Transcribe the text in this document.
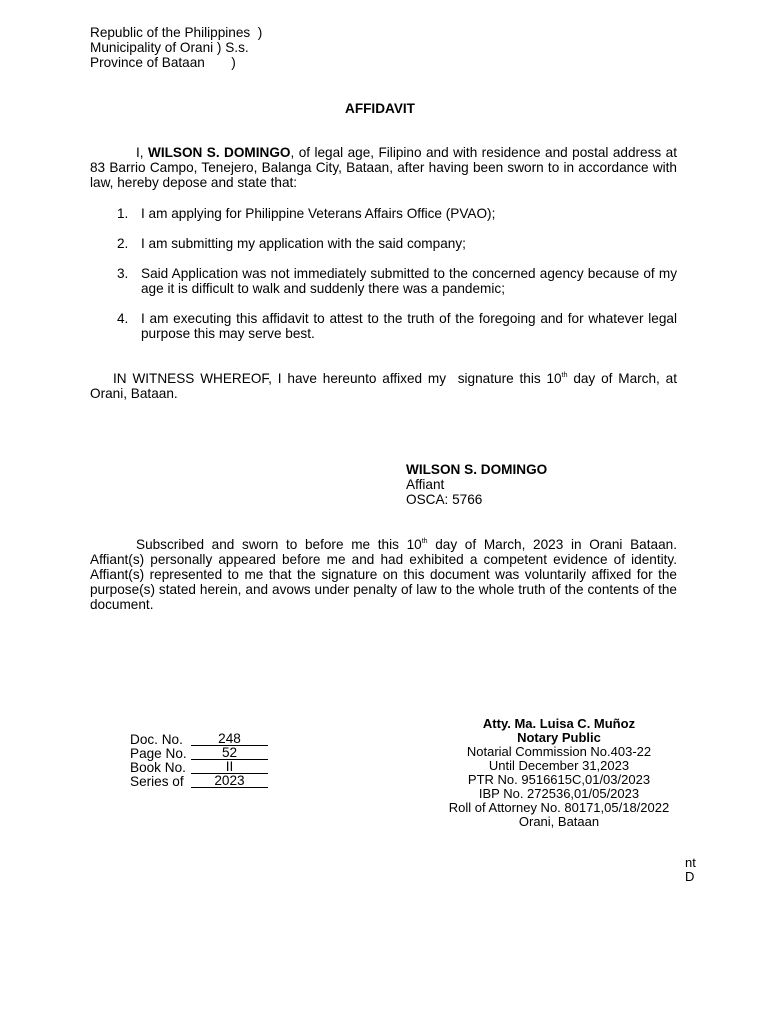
Republic of the Philippines  )
Municipality of Orani ) S.s.
Province of Bataan       )
AFFIDAVIT
I, WILSON S. DOMINGO, of legal age, Filipino and with residence and postal address at 83 Barrio Campo, Tenejero, Balanga City, Bataan, after having been sworn to in accordance with law, hereby depose and state that:
1. I am applying for Philippine Veterans Affairs Office (PVAO);
2. I am submitting my application with the said company;
3. Said Application was not immediately submitted to the concerned agency because of my age it is difficult to walk and suddenly there was a pandemic;
4. I am executing this affidavit to attest to the truth of the foregoing and for whatever legal purpose this may serve best.
IN WITNESS WHEREOF, I have hereunto affixed my  signature this 10th day of March, at Orani, Bataan.
WILSON S. DOMINGO
Affiant
OSCA: 5766
Subscribed and sworn to before me this 10th day of March, 2023 in Orani Bataan. Affiant(s) personally appeared before me and had exhibited a competent evidence of identity. Affiant(s) represented to me that the signature on this document was voluntarily affixed for the purpose(s) stated herein, and avows under penalty of law to the whole truth of the contents of the document.
Doc. No.	248
Page No.	52
Book No.	II
Series of	2023
Atty. Ma. Luisa C. Muñoz
Notary Public
Notarial Commission No.403-22
Until December 31,2023
PTR No. 9516615C,01/03/2023
IBP No. 272536,01/05/2023
Roll of Attorney No. 80171,05/18/2022
Orani, Bataan
nt
D
